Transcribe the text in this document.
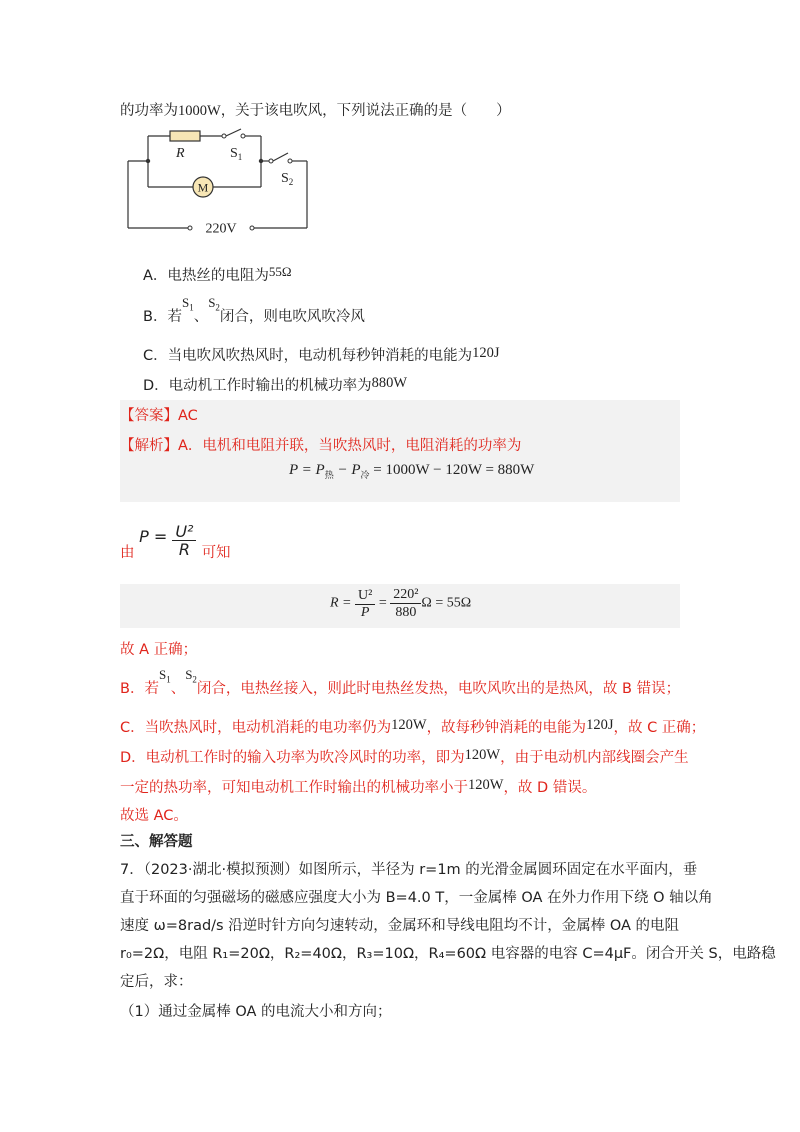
的功率为1000W，关于该电吹风，下列说法正确的是（　　）
M
220V
R	$S_1$
$S_2$
A．电热丝的电阻为55Ω
B．若$S_1$、$S_2$闭合，则电吹风吹冷风
C．当电吹风吹热风时，电动机每秒钟消耗的电能为120J
D．电动机工作时输出的机械功率为880W
【答案】AC
【解析】A．电机和电阻并联，当吹热风时，电阻消耗的功率为
$P = P_热 - P_冷 = 1000W - 120W = 880W$
由 $P = \frac{\text{U²}}{R}$ 可知
$R = \frac{\text{U²}}{P} = \frac{\text{220²}}{880}$ Ω = 55Ω
故 A 正确；
B．若$S_1$、$S_2$闭合，电热丝接入，则此时电热丝发热，电吹风吹出的是热风，故 B 错误；
C．当吹热风时，电动机消耗的电功率仍为120W，故每秒钟消耗的电能为120J，故 C 正确；
D．电动机工作时的输入功率为吹冷风时的功率，即为120W，由于电动机内部线圈会产生
一定的热功率，可知电动机工作时输出的机械功率小于120W，故 D 错误。
故选 AC。
三、解答题
7．（2023·湖北·模拟预测）如图所示，半径为 r=1m 的光滑金属圆环固定在水平面内，垂
直于环面的匀强磁场的磁感应强度大小为 B=4.0 T，一金属棒 OA 在外力作用下绕 O 轴以角
速度 ω=8rad/s 沿逆时针方向匀速转动，金属环和导线电阻均不计，金属棒 OA 的电阻
r₀=2Ω，电阻 R₁=20Ω，R₂=40Ω，R₃=10Ω，R₄=60Ω 电容器的电容 C=4μF。闭合开关 S，电路稳
定后，求：
（1）通过金属棒 OA 的电流大小和方向；
